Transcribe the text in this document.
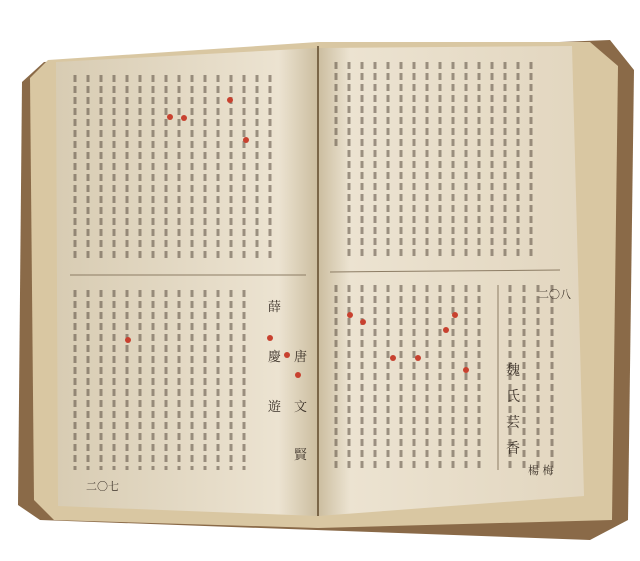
薛
慶
遊
唐
文
賢
魏
氏
芸
香
楊 梅
二〇七
二〇八
